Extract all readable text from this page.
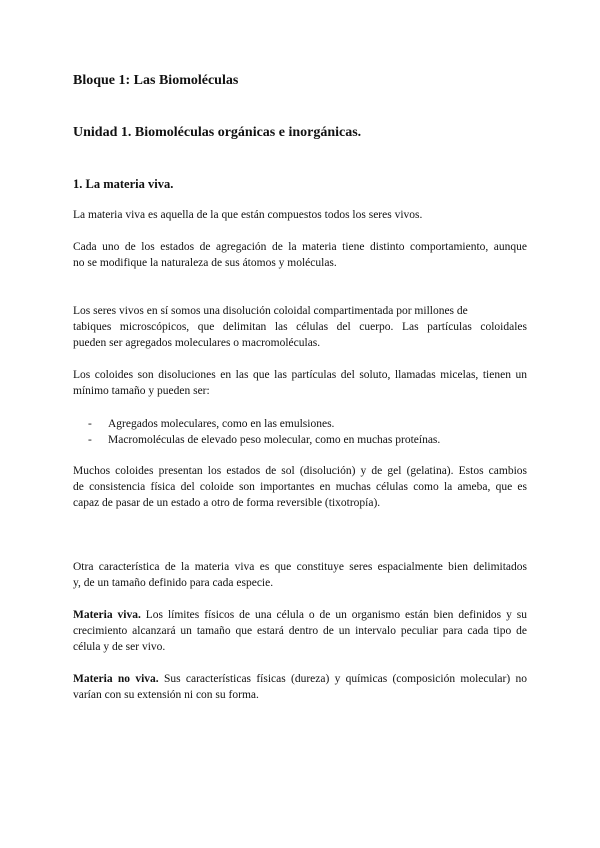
Bloque 1: Las Biomoléculas
Unidad 1. Biomoléculas orgánicas e inorgánicas.
1. La materia viva.

La materia viva es aquella de la que están compuestos todos los seres vivos.

Cada uno de los estados de agregación de la materia tiene distinto comportamiento, aunque
no se modifique la naturaleza de sus átomos y moléculas.

Los seres vivos en sí somos una disolución coloidal compartimentada por millones de
tabiques microscópicos, que delimitan las células del cuerpo. Las partículas coloidales
pueden ser agregados moleculares o macromoléculas.

Los coloides son disoluciones en las que las partículas del soluto, llamadas micelas, tienen un
mínimo tamaño y pueden ser:

- Agregados moleculares, como en las emulsiones.
- Macromoléculas de elevado peso molecular, como en muchas proteínas.

Muchos coloides presentan los estados de sol (disolución) y de gel (gelatina). Estos cambios
de consistencia física del coloide son importantes en muchas células como la ameba, que es
capaz de pasar de un estado a otro de forma reversible (tixotropía).

Otra característica de la materia viva es que constituye seres espacialmente bien delimitados
y, de un tamaño definido para cada especie.

Materia viva. Los límites físicos de una célula o de un organismo están bien definidos y su
crecimiento alcanzará un tamaño que estará dentro de un intervalo peculiar para cada tipo de
célula y de ser vivo.

Materia no viva. Sus características físicas (dureza) y químicas (composición molecular) no
varían con su extensión ni con su forma.
